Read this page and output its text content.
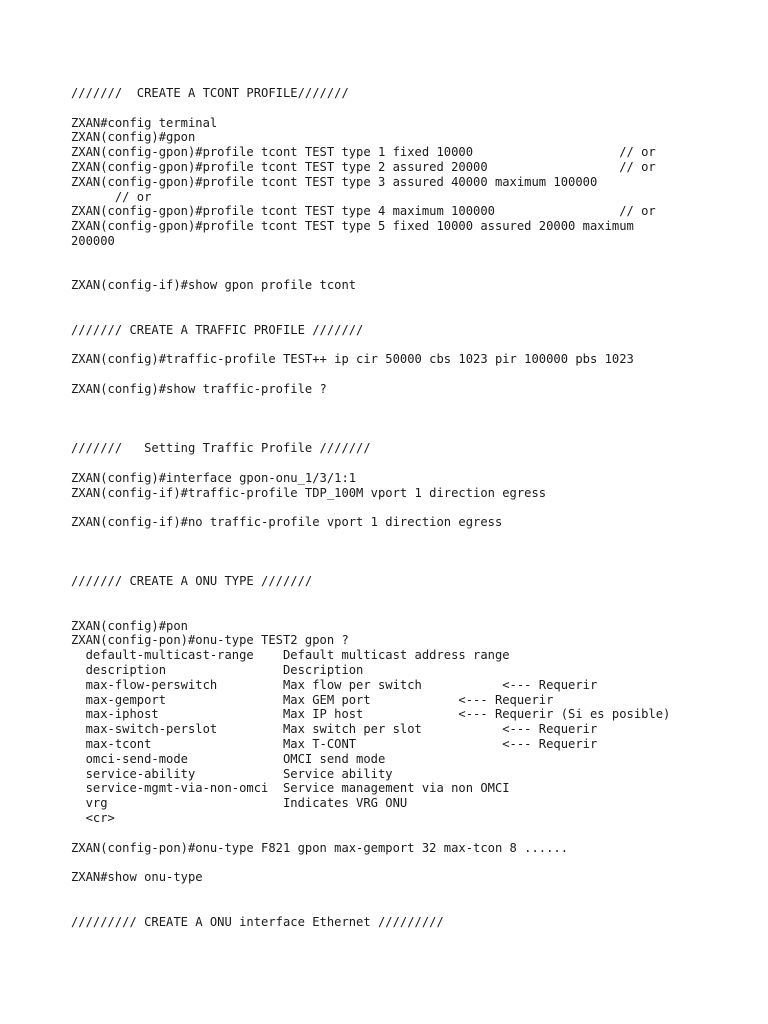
///////  CREATE A TCONT PROFILE///////
ZXAN#config terminal
ZXAN(config)#gpon
ZXAN(config-gpon)#profile tcont TEST type 1 fixed 10000                    // or
ZXAN(config-gpon)#profile tcont TEST type 2 assured 20000                  // or
ZXAN(config-gpon)#profile tcont TEST type 3 assured 40000 maximum 100000
// or
ZXAN(config-gpon)#profile tcont TEST type 4 maximum 100000                 // or
ZXAN(config-gpon)#profile tcont TEST type 5 fixed 10000 assured 20000 maximum
200000
ZXAN(config-if)#show gpon profile tcont
/////// CREATE A TRAFFIC PROFILE ///////
ZXAN(config)#traffic-profile TEST++ ip cir 50000 cbs 1023 pir 100000 pbs 1023
ZXAN(config)#show traffic-profile ?
///////   Setting Traffic Profile ///////
ZXAN(config)#interface gpon-onu_1/3/1:1
ZXAN(config-if)#traffic-profile TDP_100M vport 1 direction egress
ZXAN(config-if)#no traffic-profile vport 1 direction egress
/////// CREATE A ONU TYPE ///////
ZXAN(config)#pon
ZXAN(config-pon)#onu-type TEST2 gpon ?
default-multicast-range    Default multicast address range
description                Description
max-flow-perswitch         Max flow per switch           <--- Requerir
max-gemport                Max GEM port            <--- Requerir
max-iphost                 Max IP host             <--- Requerir (Si es posible)
max-switch-perslot         Max switch per slot           <--- Requerir
max-tcont                  Max T-CONT                    <--- Requerir
omci-send-mode             OMCI send mode
service-ability            Service ability
service-mgmt-via-non-omci  Service management via non OMCI
vrg                        Indicates VRG ONU
<cr>
ZXAN(config-pon)#onu-type F821 gpon max-gemport 32 max-tcon 8 ......
ZXAN#show onu-type
///////// CREATE A ONU interface Ethernet /////////
